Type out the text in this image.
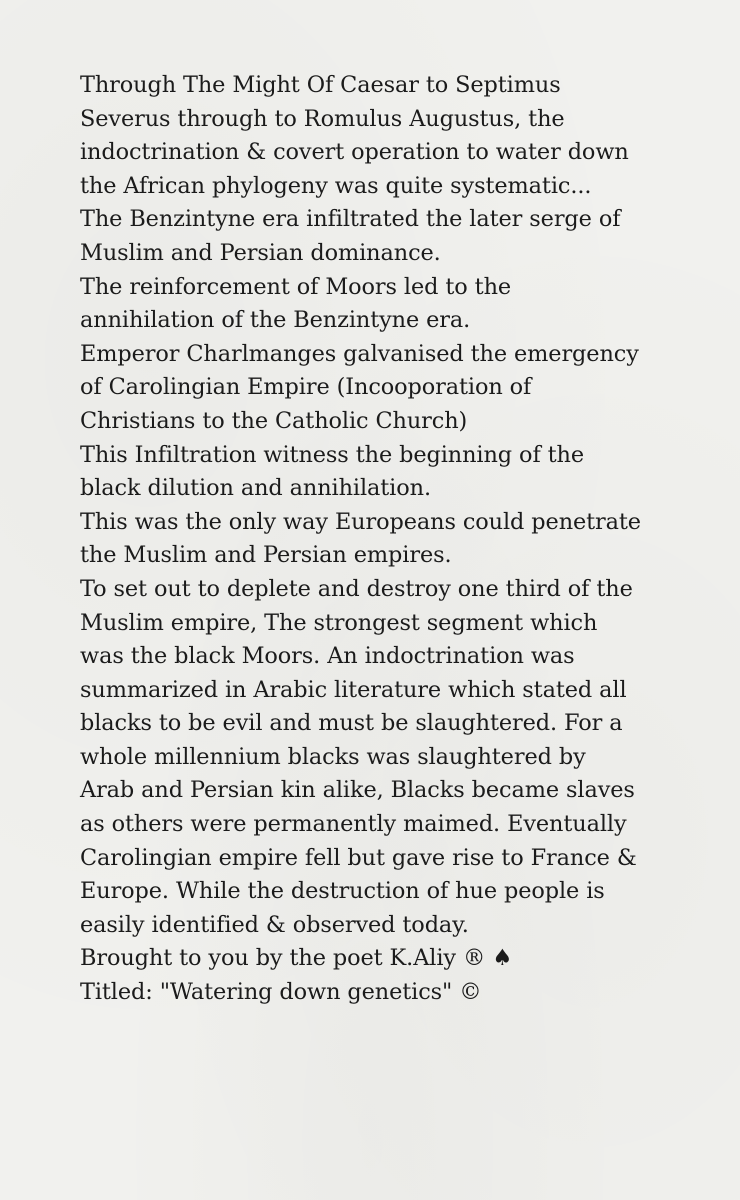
Through The Might Of Caesar to Septimus
Severus through to Romulus Augustus, the
indoctrination & covert operation to water down
the African phylogeny was quite systematic...
The Benzintyne era infiltrated the later serge of
Muslim and Persian dominance.
The reinforcement of Moors led to the
annihilation of the Benzintyne era.
Emperor Charlmanges galvanised the emergency
of Carolingian Empire (Incooporation of
Christians to the Catholic Church)
This Infiltration witness the beginning of the
black dilution and annihilation.
This was the only way Europeans could penetrate
the Muslim and Persian empires.
To set out to deplete and destroy one third of the
Muslim empire, The strongest segment which
was the black Moors. An indoctrination was
summarized in Arabic literature which stated all
blacks to be evil and must be slaughtered. For a
whole millennium blacks was slaughtered by
Arab and Persian kin alike, Blacks became slaves
as others were permanently maimed. Eventually
Carolingian empire fell but gave rise to France &
Europe. While the destruction of hue people is
easily identified & observed today.
Brought to you by the poet K.Aliy ® ♠
Titled: "Watering down genetics" ©
